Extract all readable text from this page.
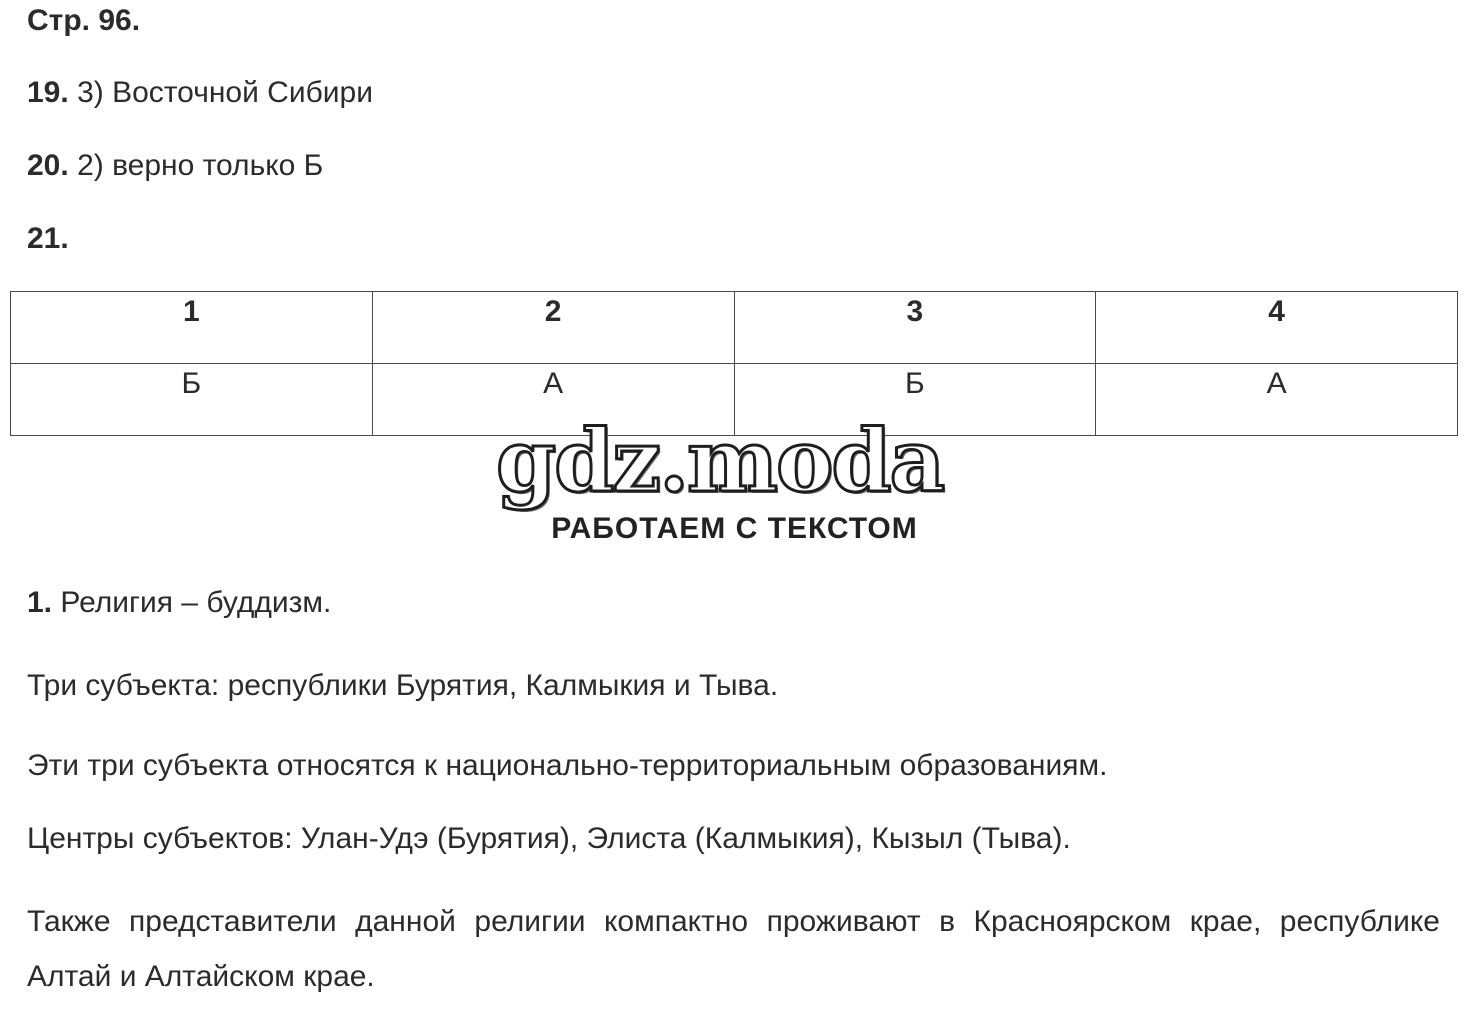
Стр. 96.
19. 3) Восточной Сибири
20. 2) верно только Б
21.
1	2	3	4
Б	А	Б	А
gdz.moda
РАБОТАЕМ С ТЕКСТОМ
1. Религия – буддизм.
Три субъекта: республики Бурятия, Калмыкия и Тыва.
Эти три субъекта относятся к национально-территориальным образованиям.
Центры субъектов: Улан-Удэ (Бурятия), Элиста (Калмыкия), Кызыл (Тыва).
Также представители данной религии компактно проживают в Красноярском крае, республике Алтай и Алтайском крае.
